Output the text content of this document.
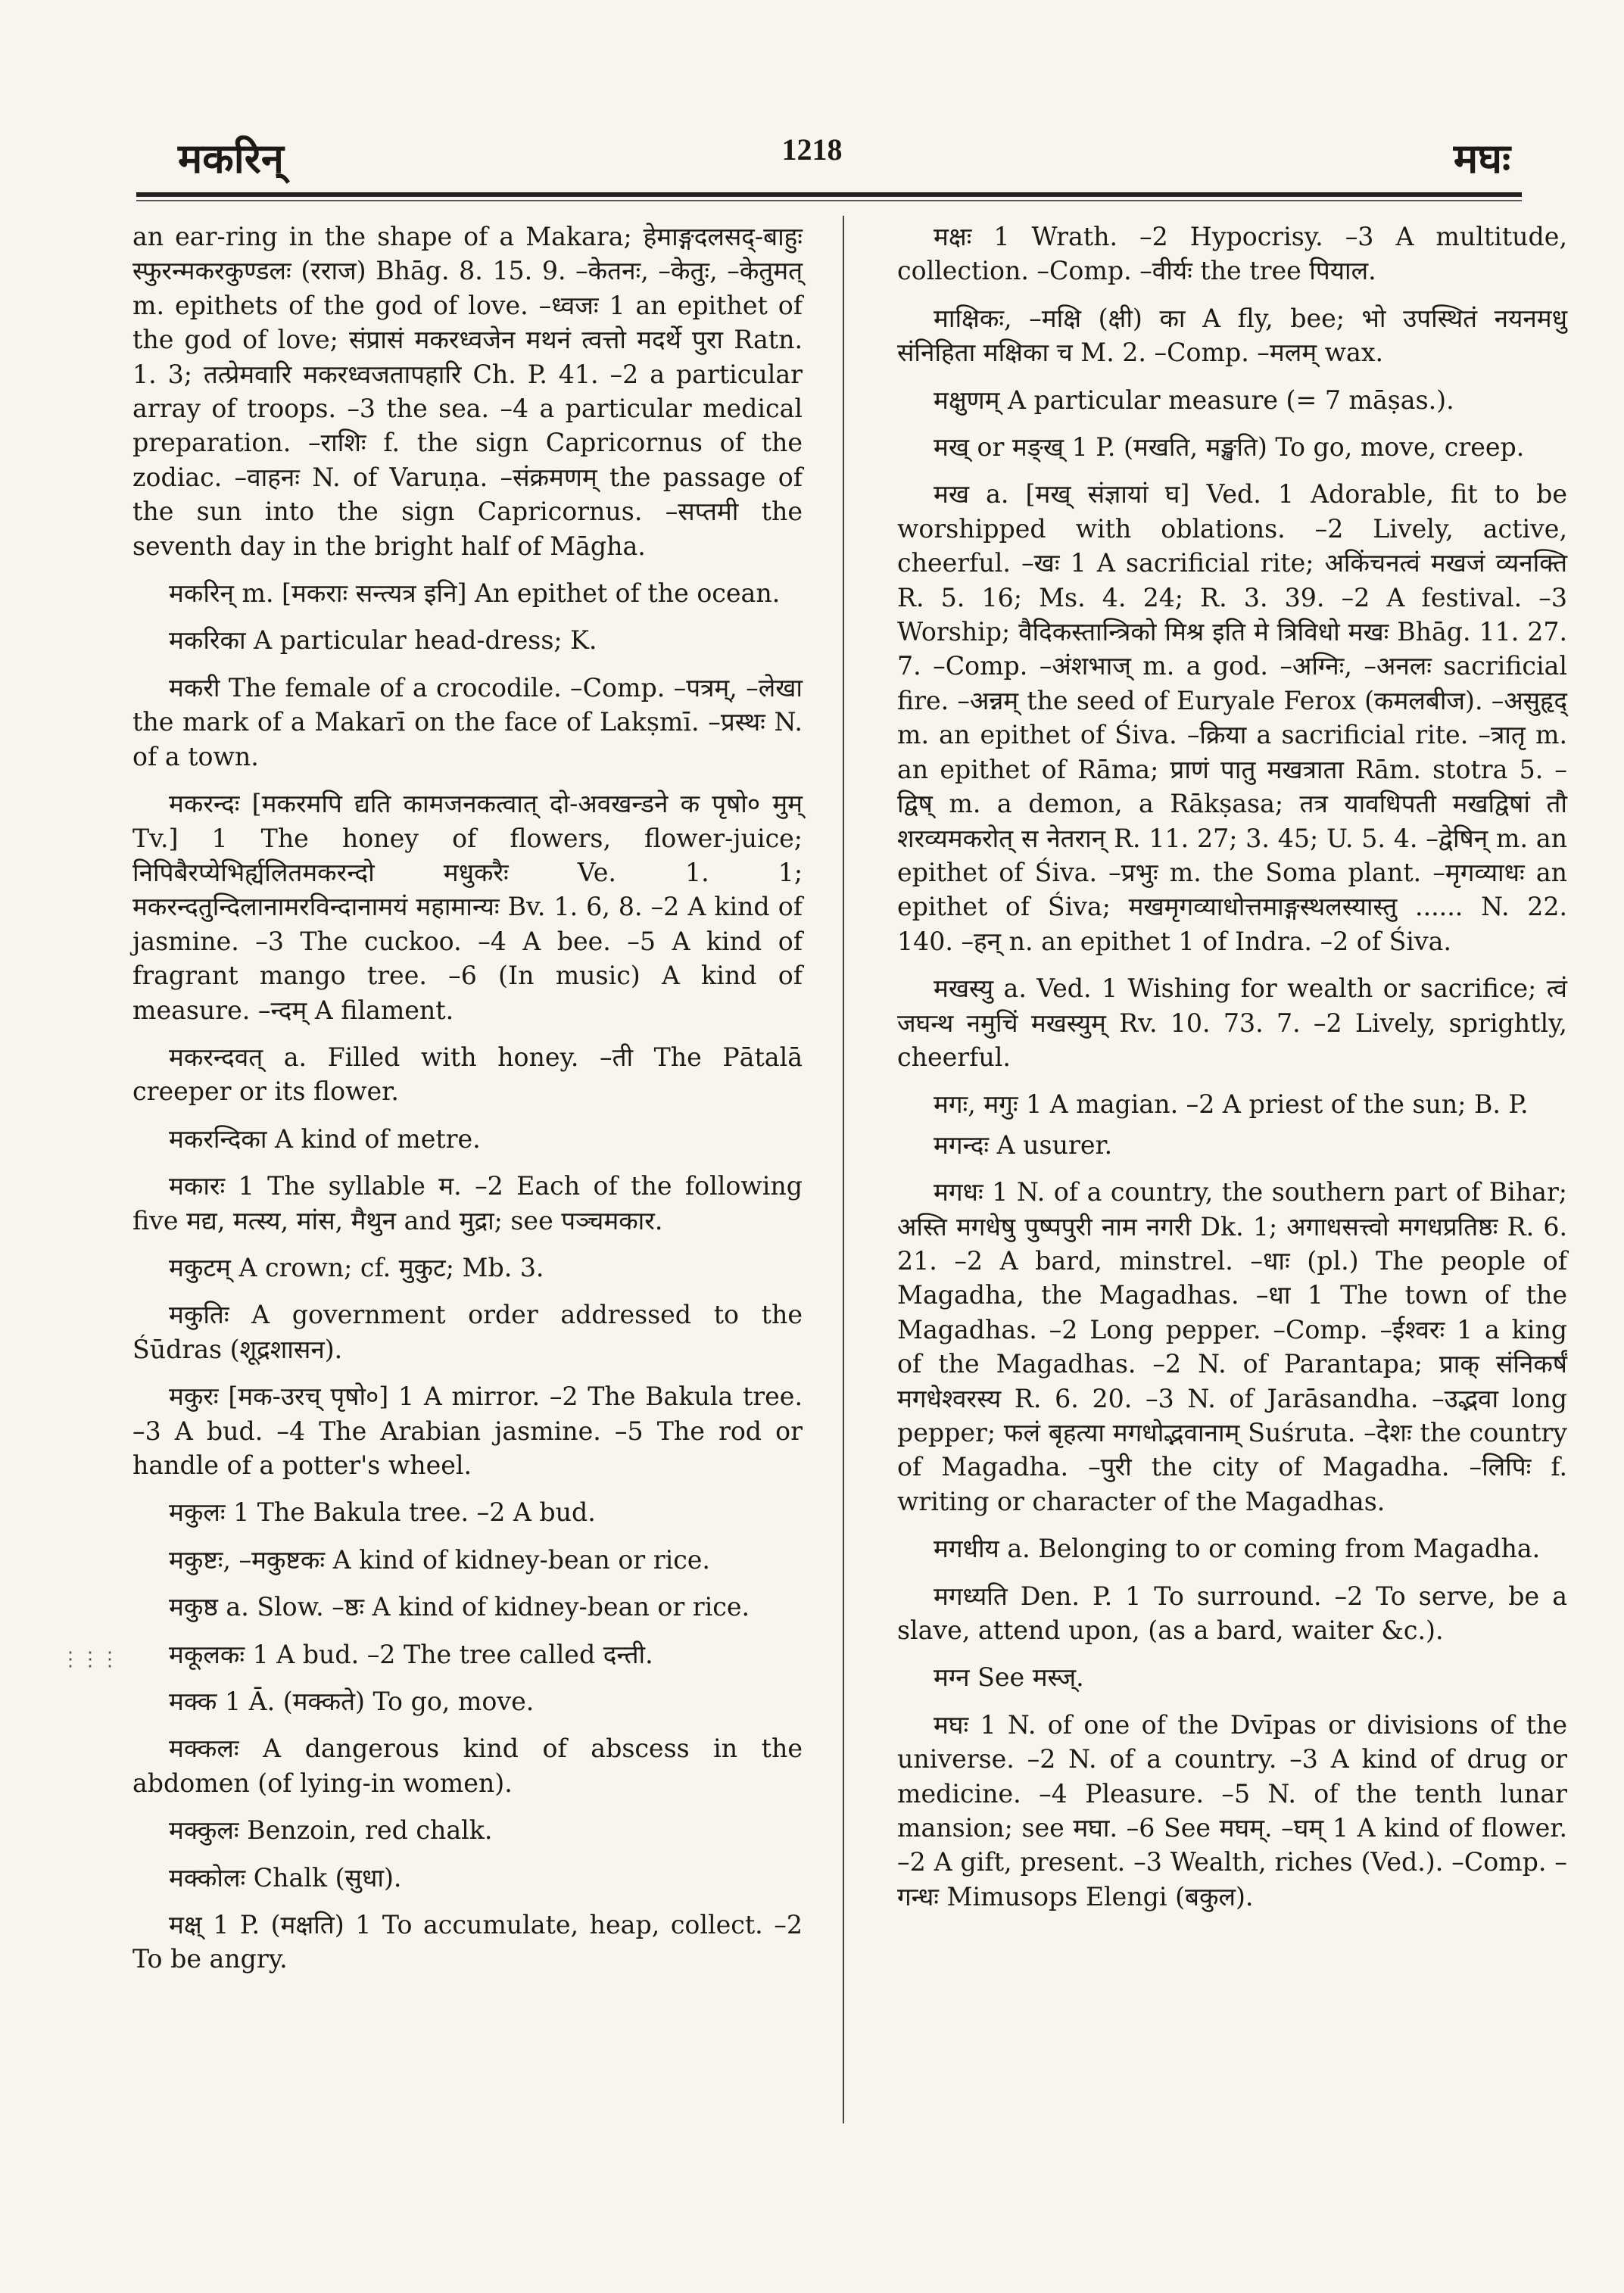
मकरिन्	1218	मघः
⋮⋮⋮

an ear-ring in the shape of a Makara; हेमाङ्गदलसद्-बाहुः स्फुरन्मकरकुण्डलः (रराज) Bhāg. 8. 15. 9. –केतनः, –केतुः, –केतुमत् m. epithets of the god of love. –ध्वजः 1 an epithet of the god of love; संप्रासं मकरध्वजेन मथनं त्वत्तो मदर्थे पुरा Ratn. 1. 3; तत्प्रेमवारि मकरध्वजतापहारि Ch. P. 41. –2 a particular array of troops. –3 the sea. –4 a particular medical preparation. –राशिः f. the sign Capricornus of the zodiac. –वाहनः N. of Varuṇa. –संक्रमणम् the passage of the sun into the sign Capricornus. –सप्तमी the seventh day in the bright half of Māgha.

मकरिन् m. [मकराः सन्त्यत्र इनि] An epithet of the ocean.

मकरिका A particular head-dress; K.

मकरी The female of a crocodile. –Comp. –पत्रम्, –लेखा the mark of a Makarī on the face of Lakṣmī. –प्रस्थः N. of a town.

मकरन्दः [मकरमपि द्यति कामजनकत्वात् दो-अवखन्डने क पृषो० मुम् Tv.] 1 The honey of flowers, flower-juice; निपिबैरप्येभिर्ह्यलितमकरन्दो मधुकरैः Ve. 1. 1; मकरन्दतुन्दिलानामरविन्दानामयं महामान्यः Bv. 1. 6, 8. –2 A kind of jasmine. –3 The cuckoo. –4 A bee. –5 A kind of fragrant mango tree. –6 (In music) A kind of measure. –न्दम् A filament.

मकरन्दवत् a. Filled with honey. –ती The Pātalā creeper or its flower.

मकरन्दिका A kind of metre.

मकारः 1 The syllable म. –2 Each of the following five मद्य, मत्स्य, मांस, मैथुन and मुद्रा; see पञ्चमकार.

मकुटम् A crown; cf. मुकुट; Mb. 3.

मकुतिः A government order addressed to the Śūdras (शूद्रशासन).

मकुरः [मक-उरच् पृषो०] 1 A mirror. –2 The Bakula tree. –3 A bud. –4 The Arabian jasmine. –5 The rod or handle of a potter's wheel.

मकुलः 1 The Bakula tree. –2 A bud.

मकुष्टः, –मकुष्टकः A kind of kidney-bean or rice.

मकुष्ठ a. Slow. –ष्ठः A kind of kidney-bean or rice.

मकूलकः 1 A bud. –2 The tree called दन्ती.

मक्क 1 Ā. (मक्कते) To go, move.

मक्कलः A dangerous kind of abscess in the abdomen (of lying-in women).

मक्कुलः Benzoin, red chalk.

मक्कोलः Chalk (सुधा).

मक्ष् 1 P. (मक्षति) 1 To accumulate, heap, collect. –2 To be angry.

मक्षः 1 Wrath. –2 Hypocrisy. –3 A multitude, collection. –Comp. –वीर्यः the tree पियाल.

माक्षिकः, –मक्षि (क्षी) का A fly, bee; भो उपस्थितं नयनमधु संनिहिता मक्षिका च M. 2. –Comp. –मलम् wax.

मक्षुणम् A particular measure (= 7 māṣas.).

मख् or मङ्ख् 1 P. (मखति, मङ्खति) To go, move, creep.

मख a. [मख् संज्ञायां घ] Ved. 1 Adorable, fit to be worshipped with oblations. –2 Lively, active, cheerful. –खः 1 A sacrificial rite; अकिंचनत्वं मखजं व्यनक्ति R. 5. 16; Ms. 4. 24; R. 3. 39. –2 A festival. –3 Worship; वैदिकस्तान्त्रिको मिश्र इति मे त्रिविधो मखः Bhāg. 11. 27. 7. –Comp. –अंशभाज् m. a god. –अग्निः, –अनलः sacrificial fire. –अन्नम् the seed of Euryale Ferox (कमलबीज). –असुहृद् m. an epithet of Śiva. –क्रिया a sacrificial rite. –त्रातृ m. an epithet of Rāma; प्राणं पातु मखत्राता Rām. stotra 5. –द्विष् m. a demon, a Rākṣasa; तत्र यावधिपती मखद्विषां तौ शरव्यमकरोत् स नेतरान् R. 11. 27; 3. 45; U. 5. 4. –द्वेषिन् m. an epithet of Śiva. –प्रभुः m. the Soma plant. –मृगव्याधः an epithet of Śiva; मखमृगव्याधोत्तमाङ्गस्थलस्यास्तु ...... N. 22. 140. –हन् n. an epithet 1 of Indra. –2 of Śiva.

मखस्यु a. Ved. 1 Wishing for wealth or sacrifice; त्वं जघन्थ नमुचिं मखस्युम् Rv. 10. 73. 7. –2 Lively, sprightly, cheerful.

मगः, मगुः 1 A magian. –2 A priest of the sun; B. P.

मगन्दः A usurer.

मगधः 1 N. of a country, the southern part of Bihar; अस्ति मगधेषु पुष्पपुरी नाम नगरी Dk. 1; अगाधसत्त्वो मगधप्रतिष्ठः R. 6. 21. –2 A bard, minstrel. –धाः (pl.) The people of Magadha, the Magadhas. –धा 1 The town of the Magadhas. –2 Long pepper. –Comp. –ईश्वरः 1 a king of the Magadhas. –2 N. of Parantapa; प्राक् संनिकर्षं मगधेश्वरस्य R. 6. 20. –3 N. of Jarāsandha. –उद्भवा long pepper; फलं बृहत्या मगधोद्भवानाम् Suśruta. –देशः the country of Magadha. –पुरी the city of Magadha. –लिपिः f. writing or character of the Magadhas.

मगधीय a. Belonging to or coming from Magadha.

मगध्यति Den. P. 1 To surround. –2 To serve, be a slave, attend upon, (as a bard, waiter &c.).

मग्न See मस्ज्.

मघः 1 N. of one of the Dvīpas or divisions of the universe. –2 N. of a country. –3 A kind of drug or medicine. –4 Pleasure. –5 N. of the tenth lunar mansion; see मघा. –6 See मघम्. –घम् 1 A kind of flower. –2 A gift, present. –3 Wealth, riches (Ved.). –Comp. –गन्धः Mimusops Elengi (बकुल).
